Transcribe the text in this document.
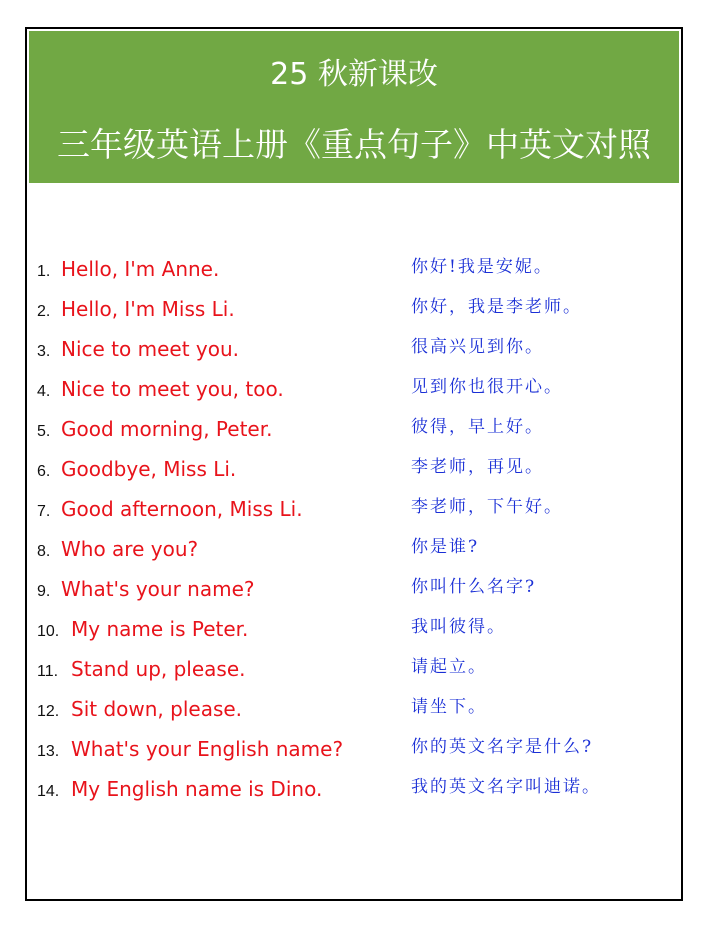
25 秋新课改
三年级英语上册《重点句子》中英文对照
1. Hello, I'm Anne.	你好!我是安妮。
2. Hello, I'm Miss Li.	你好，我是李老师。
3. Nice to meet you.	很高兴见到你。
4. Nice to meet you, too.	见到你也很开心。
5. Good morning, Peter.	彼得，早上好。
6. Goodbye, Miss Li.	李老师，再见。
7. Good afternoon, Miss Li.	李老师，下午好。
8. Who are you?	你是谁?
9. What's your name?	你叫什么名字?
10. My name is Peter.	我叫彼得。
11. Stand up, please.	请起立。
12. Sit down, please.	请坐下。
13. What's your English name?	你的英文名字是什么?
14. My English name is Dino.	我的英文名字叫迪诺。
